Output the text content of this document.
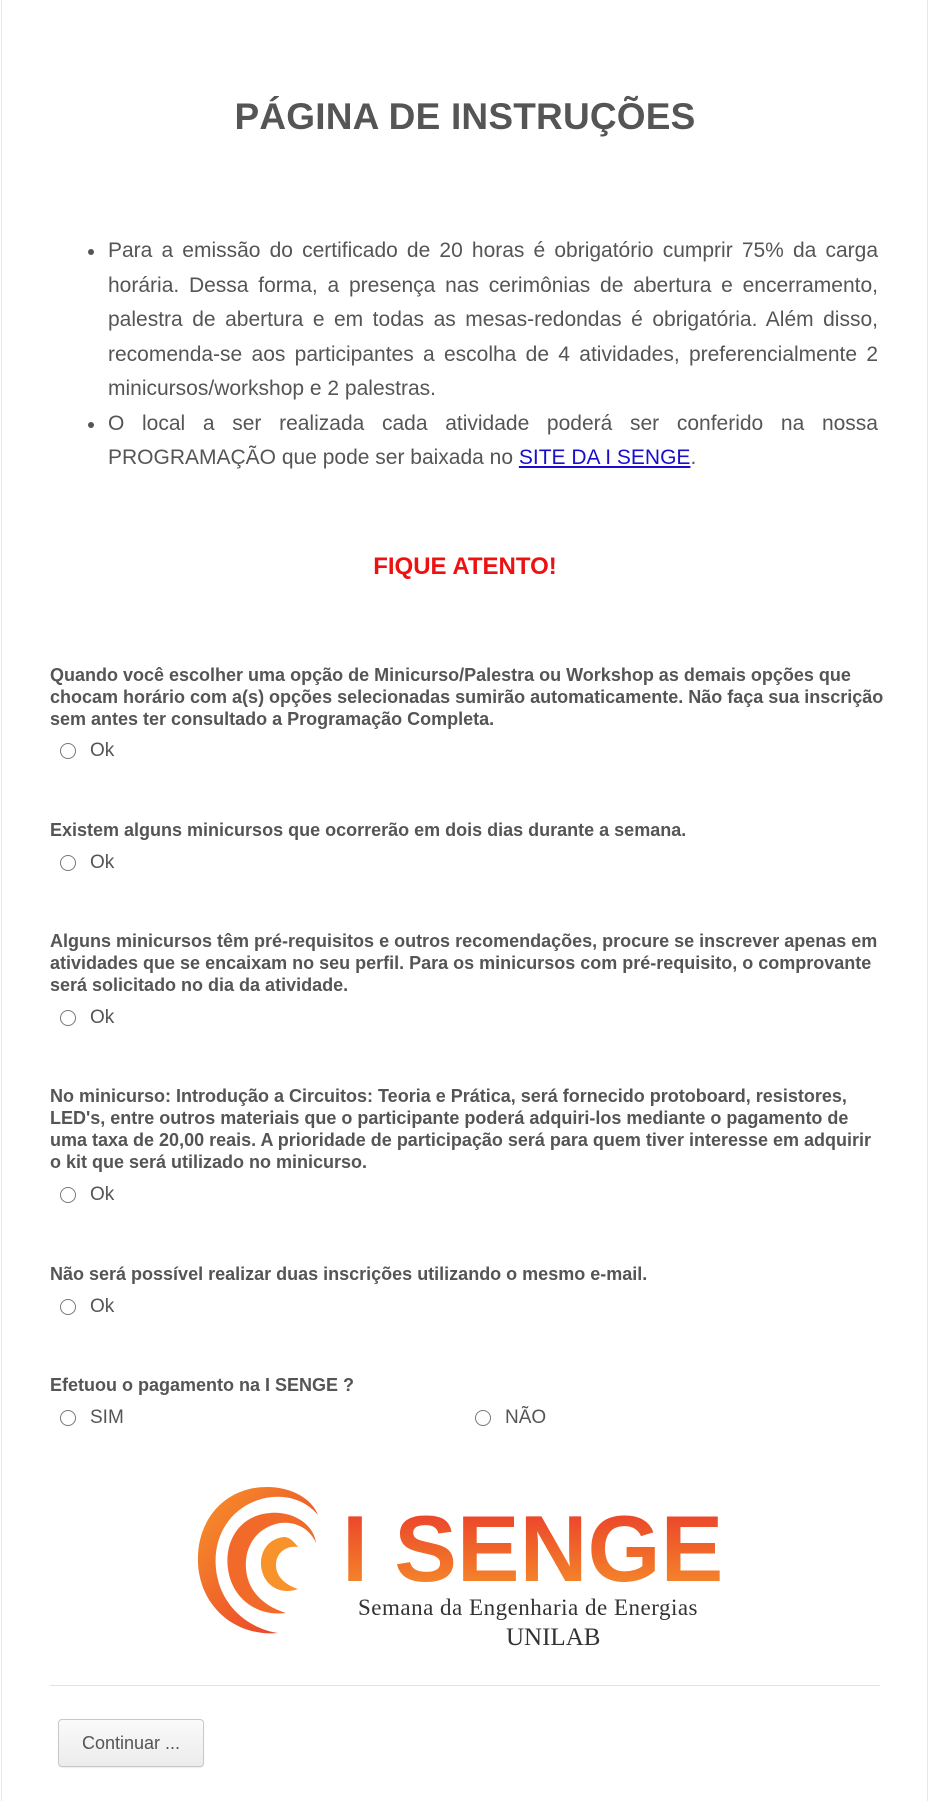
PÁGINA DE INSTRUÇÕES
Para a emissão do certificado de 20 horas é obrigatório cumprir 75% da carga horária. Dessa forma, a presença nas cerimônias de abertura e encerramento, palestra de abertura e em todas as mesas-redondas é obrigatória. Além disso, recomenda-se aos participantes a escolha de 4 atividades, preferencialmente 2 minicursos/workshop e 2 palestras.
O local a ser realizada cada atividade poderá ser conferido na nossa PROGRAMAÇÃO que pode ser baixada no SITE DA I SENGE.
FIQUE ATENTO!
Quando você escolher uma opção de Minicurso/Palestra ou Workshop as demais opções que chocam horário com a(s) opções selecionadas sumirão automaticamente. Não faça sua inscrição sem antes ter consultado a Programação Completa.
Ok
Existem alguns minicursos que ocorrerão em dois dias durante a semana.
Ok
Alguns minicursos têm pré-requisitos e outros recomendações, procure se inscrever apenas em atividades que se encaixam no seu perfil. Para os minicursos com pré-requisito, o comprovante será solicitado no dia da atividade.
Ok
No minicurso: Introdução a Circuitos: Teoria e Prática, será fornecido protoboard, resistores, LED's, entre outros materiais que o participante poderá adquiri-los mediante o pagamento de uma taxa de 20,00 reais. A prioridade de participação será para quem tiver interesse em adquirir o kit que será utilizado no minicurso.
Ok
Não será possível realizar duas inscrições utilizando o mesmo e-mail.
Ok
Efetuou o pagamento na I SENGE ?
SIM	NÃO
I SENGE
Semana da Engenharia de Energias
UNILAB
Continuar ...
